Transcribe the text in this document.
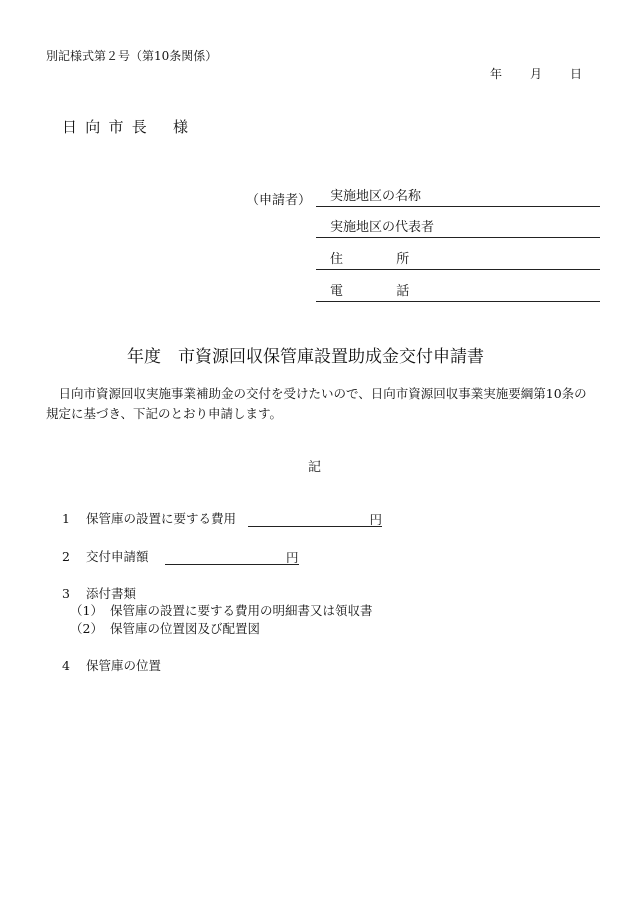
別記様式第２号（第10条関係）
年 月 日
日向市長 様
（申請者） 実施地区の名称
実施地区の代表者
住所
電話
年度　市資源回収保管庫設置助成金交付申請書
日向市資源回収実施事業補助金の交付を受けたいので、日向市資源回収事業実施要綱第10条の規定に基づき、下記のとおり申請します。
記
1 保管庫の設置に要する費用	円
2 交付申請額	円
3 添付書類
（1） 保管庫の設置に要する費用の明細書又は領収書
（2） 保管庫の位置図及び配置図
4 保管庫の位置
